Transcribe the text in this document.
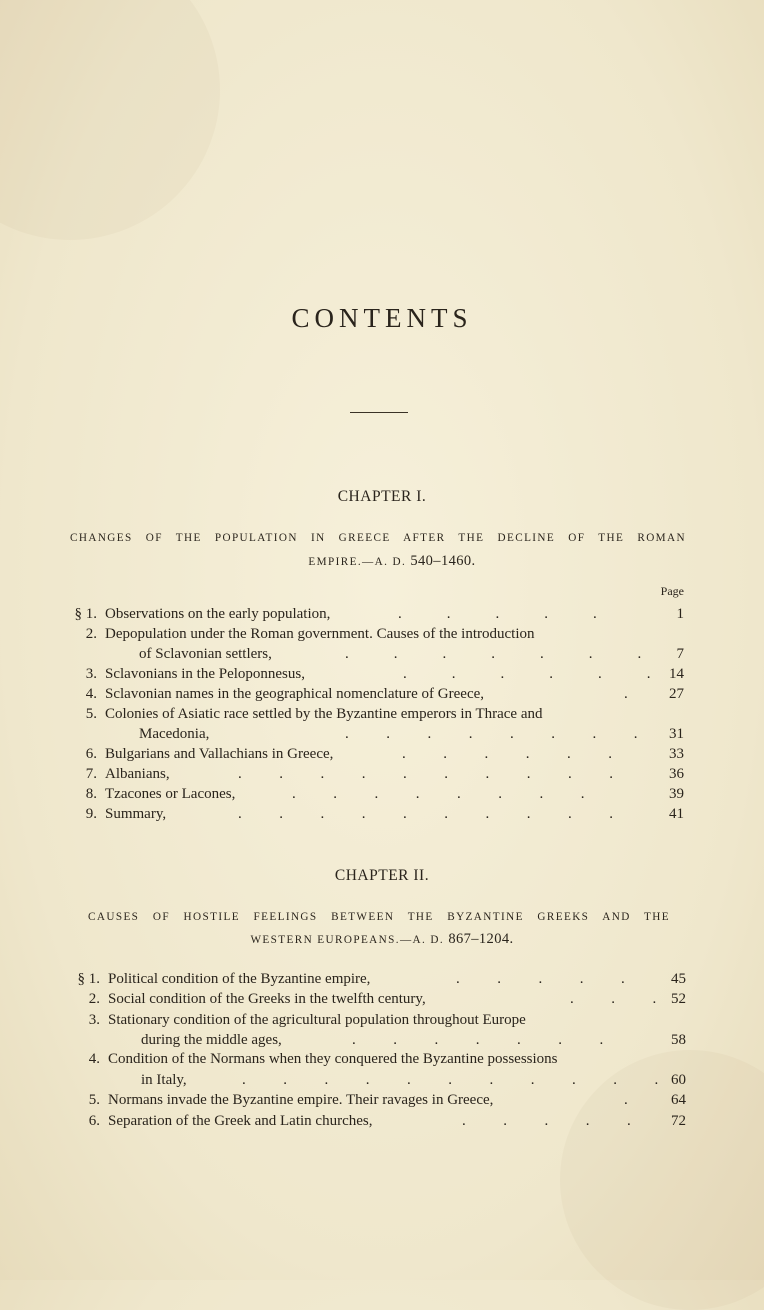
CONTENTS
CHAPTER I.
CHANGES OF THE POPULATION IN GREECE AFTER THE DECLINE OF THE ROMAN
EMPIRE.—A. D. 540–1460.
Page
§ 1. Observations on the early population,	.            .            .            .            .	1
2. Depopulation under the Roman government. Causes of the introduction
of Sclavonian settlers,	.            .            .            .            .            .            .	7
3. Sclavonians in the Peloponnesus,	.            .            .            .            .            .	14
4. Sclavonian names in the geographical nomenclature of Greece,	.	27
5. Colonies of Asiatic race settled by the Byzantine emperors in Thrace and
Macedonia,	.          .          .          .          .          .          .          .	31
6. Bulgarians and Vallachians in Greece,	.          .          .          .          .          .	33
7. Albanians,	.          .          .          .          .          .          .          .          .          .	36
8. Tzacones or Lacones,	.          .          .          .          .          .          .          .	39
9. Summary,	.          .          .          .          .          .          .          .          .          .	41
CHAPTER II.
CAUSES OF HOSTILE FEELINGS BETWEEN THE BYZANTINE GREEKS AND THE
WESTERN EUROPEANS.—A. D. 867–1204.
§ 1. Political condition of the Byzantine empire,	.          .          .          .          .	45
2. Social condition of the Greeks in the twelfth century,	.          .          . 52
3. Stationary condition of the agricultural population throughout Europe
during the middle ages,	.          .          .          .          .          .          .	58
4. Condition of the Normans when they conquered the Byzantine possessions
in Italy,	.          .          .          .          .          .          .          .          .          .          . 60
5. Normans invade the Byzantine empire. Their ravages in Greece,	.	64
6. Separation of the Greek and Latin churches,	.          .          .          .          .	72
